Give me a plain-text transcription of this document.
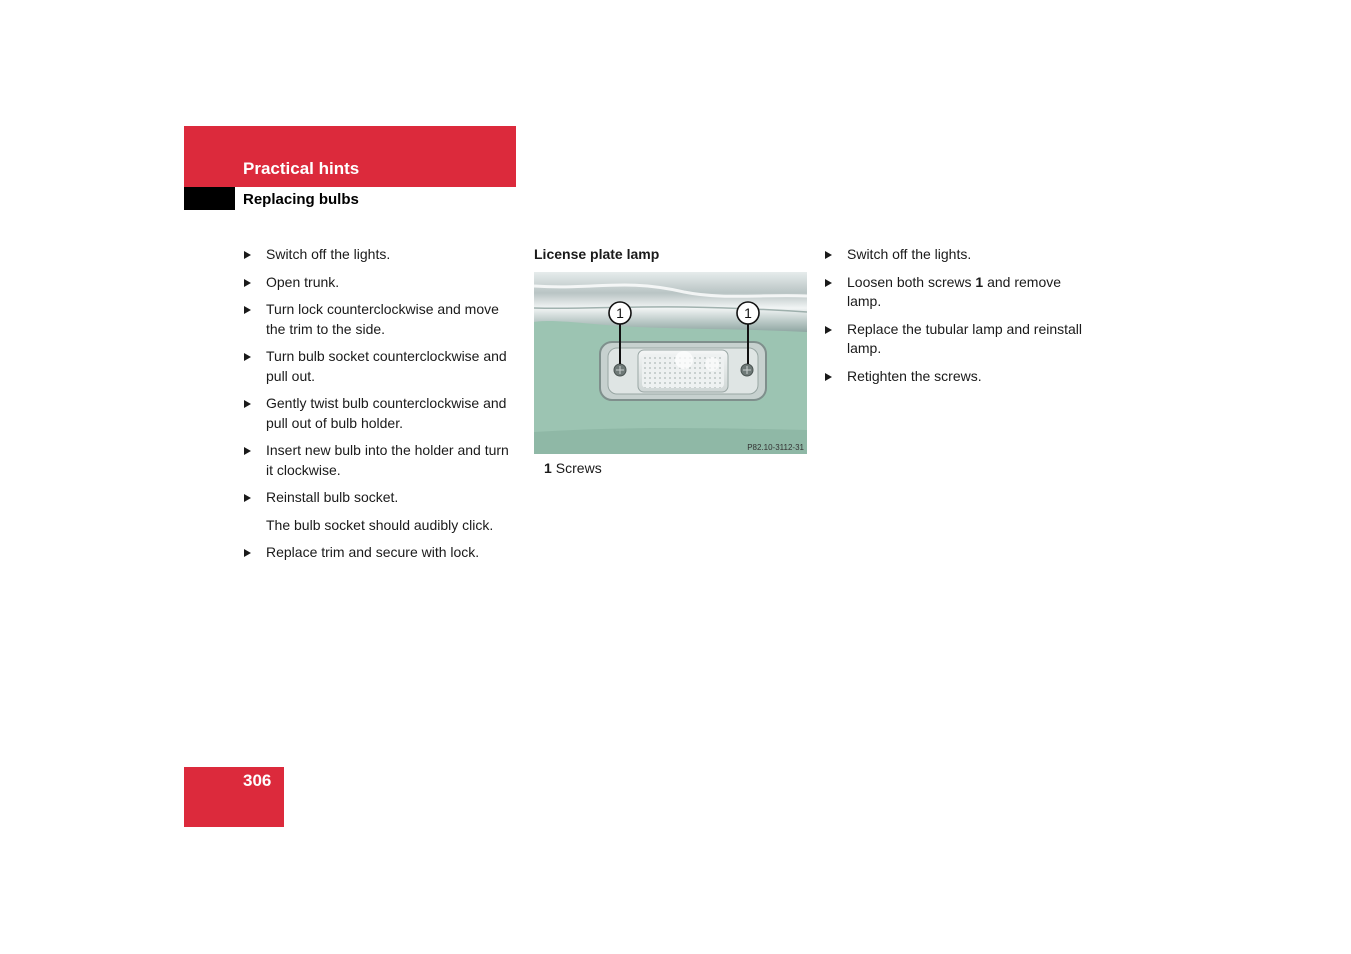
Practical hints
Replacing bulbs
Switch off the lights.
Open trunk.
Turn lock counterclockwise and move the trim to the side.
Turn bulb socket counterclockwise and pull out.
Gently twist bulb counterclockwise and pull out of bulb holder.
Insert new bulb into the holder and turn it clockwise.
Reinstall bulb socket.
The bulb socket should audibly click.
Replace trim and secure with lock.
License plate lamp
1	1
P82.10-3112-31
1 Screws
Switch off the lights.
Loosen both screws 1 and remove lamp.
Replace the tubular lamp and reinstall lamp.
Retighten the screws.
306
